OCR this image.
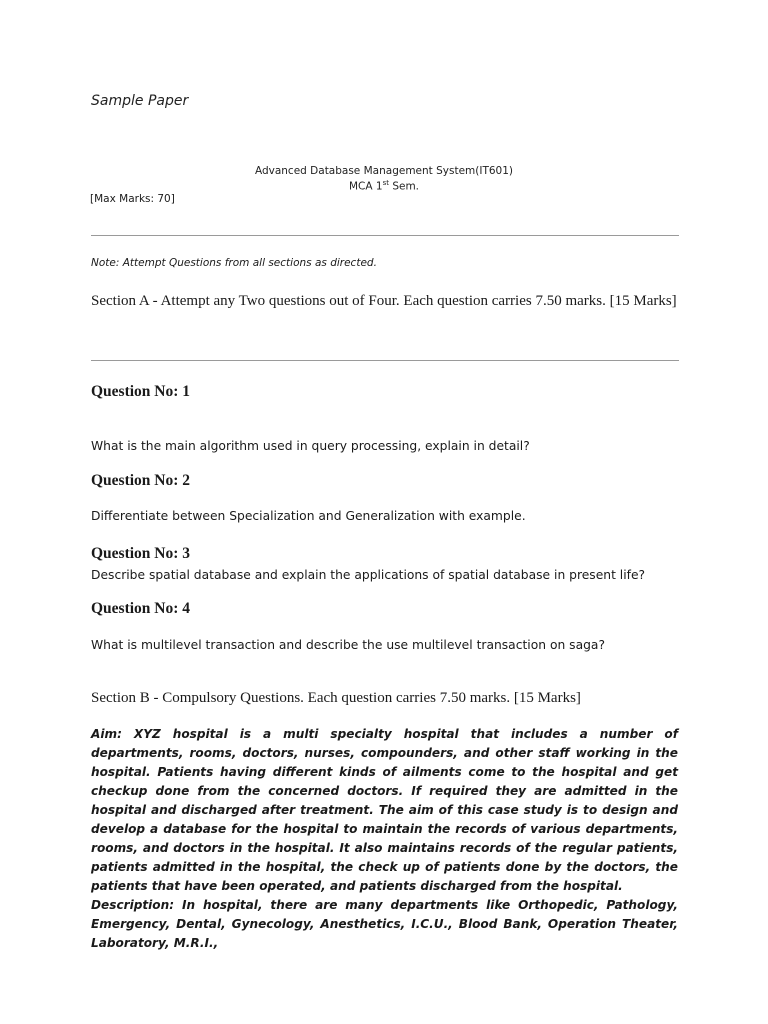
Sample Paper
Advanced Database Management System(IT601)
MCA 1st Sem.
[Max Marks: 70]
Note: Attempt Questions from all sections as directed.
Section A - Attempt any Two questions out of Four. Each question carries 7.50 marks. [15 Marks]
Question No: 1
What is the main algorithm used in query processing, explain in detail?
Question No: 2
Differentiate between Specialization and Generalization with example.
Question No: 3
Describe spatial database and explain the applications of spatial database in present life?
Question No: 4
What is multilevel transaction and describe the use multilevel transaction on saga?
Section B - Compulsory Questions. Each question carries 7.50 marks. [15 Marks]

Aim: XYZ hospital is a multi specialty hospital that includes a number of departments, rooms, doctors, nurses, compounders, and other staff working in the hospital. Patients having different kinds of ailments come to the hospital and get checkup done from the concerned doctors. If required they are admitted in the hospital and discharged after treatment. The aim of this case study is to design and develop a database for the hospital to maintain the records of various departments, rooms, and doctors in the hospital. It also maintains records of the regular patients, patients admitted in the hospital, the check up of patients done by the doctors, the patients that have been operated, and patients discharged from the hospital.

Description: In hospital, there are many departments like Orthopedic, Pathology, Emergency, Dental, Gynecology, Anesthetics, I.C.U., Blood Bank, Operation Theater, Laboratory, M.R.I.,
